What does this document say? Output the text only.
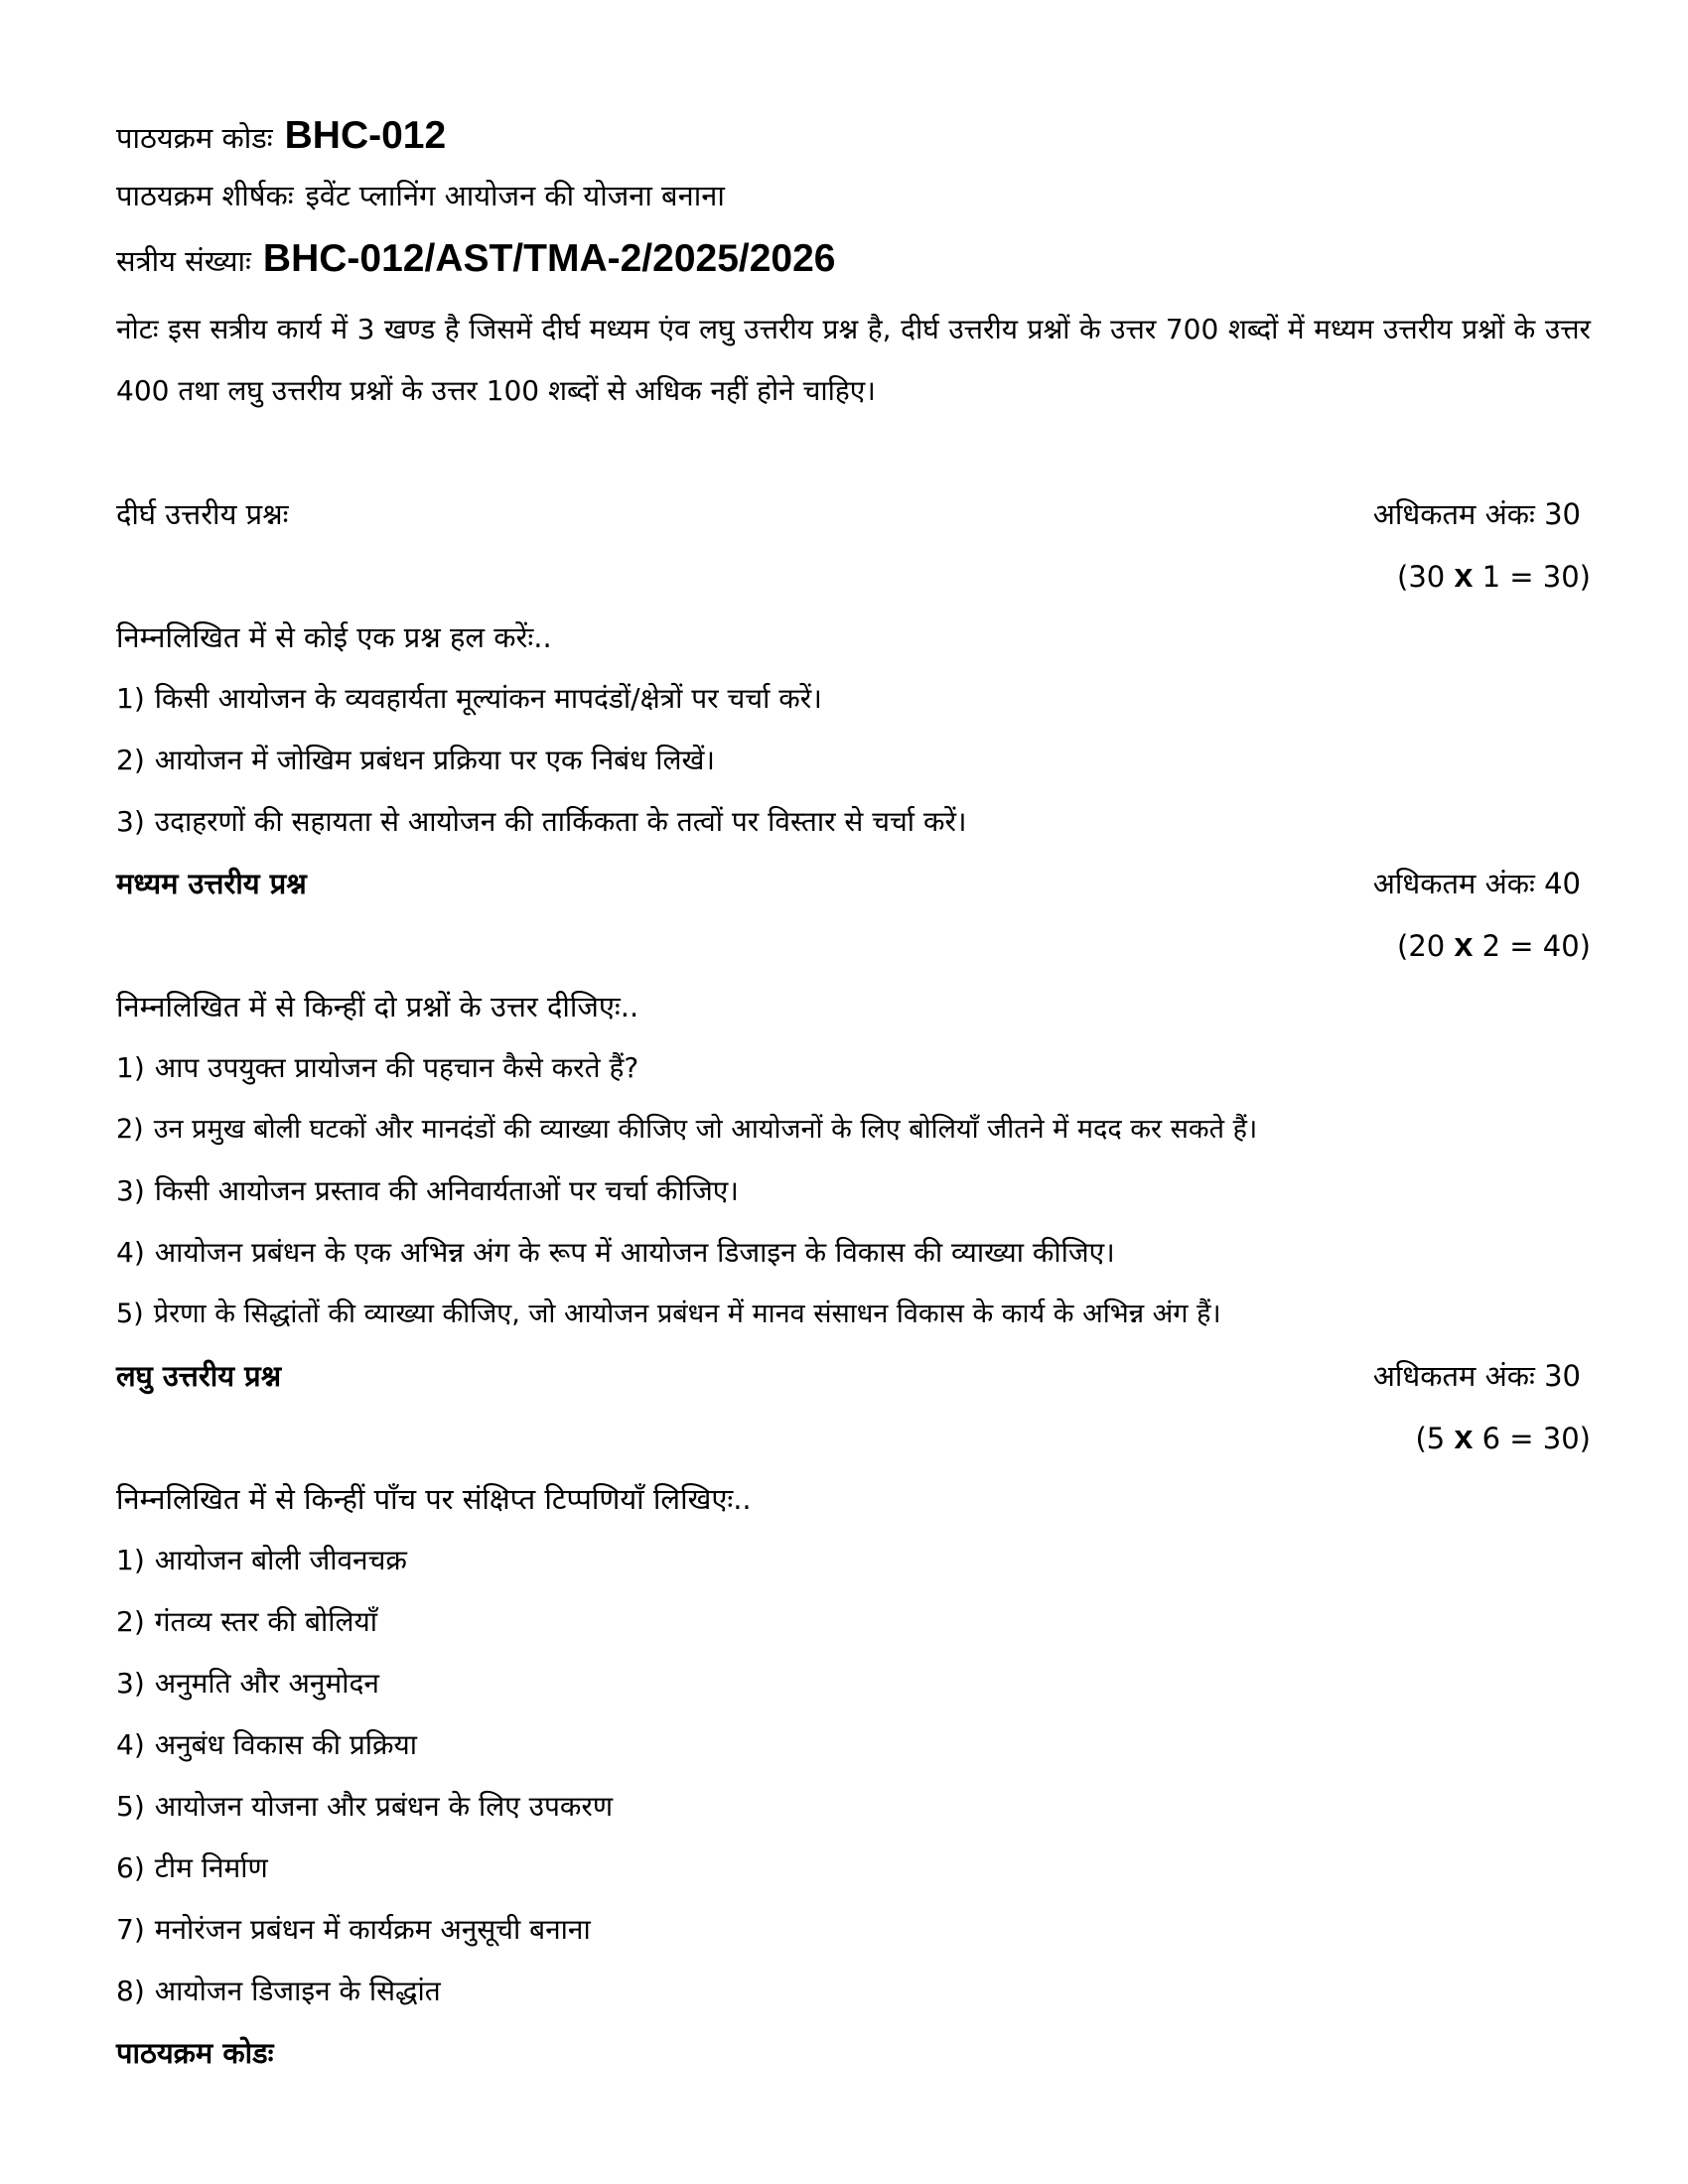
पाठयक्रम कोडः BHC-012
पाठयक्रम शीर्षकः इवेंट प्लानिंग आयोजन की योजना बनाना
सत्रीय संख्याः BHC-012/AST/TMA-2/2025/2026
नोटः इस सत्रीय कार्य में 3 खण्ड है जिसमें दीर्घ मध्यम एंव लघु उत्तरीय प्रश्न है, दीर्घ उत्तरीय प्रश्नों के उत्तर 700 शब्दों में मध्यम उत्तरीय प्रश्नों के उत्तर 400 तथा लघु उत्तरीय प्रश्नों के उत्तर 100 शब्दों से अधिक नहीं होने चाहिए।
दीर्घ उत्तरीय प्रश्नः	अधिकतम अंकः 30
(30 x 1 = 30)
निम्नलिखित में से कोई एक प्रश्न हल करेंः..
1) किसी आयोजन के व्यवहार्यता मूल्यांकन मापदंडों/क्षेत्रों पर चर्चा करें।
2) आयोजन में जोखिम प्रबंधन प्रक्रिया पर एक निबंध लिखें।
3) उदाहरणों की सहायता से आयोजन की तार्किकता के तत्वों पर विस्तार से चर्चा करें।
मध्यम उत्तरीय प्रश्न	अधिकतम अंकः 40
(20 x 2 = 40)
निम्नलिखित में से किन्हीं दो प्रश्नों के उत्तर दीजिएः..
1) आप उपयुक्त प्रायोजन की पहचान कैसे करते हैं?
2) उन प्रमुख बोली घटकों और मानदंडों की व्याख्या कीजिए जो आयोजनों के लिए बोलियाँ जीतने में मदद कर सकते हैं।
3) किसी आयोजन प्रस्ताव की अनिवार्यताओं पर चर्चा कीजिए।
4) आयोजन प्रबंधन के एक अभिन्न अंग के रूप में आयोजन डिजाइन के विकास की व्याख्या कीजिए।
5) प्रेरणा के सिद्धांतों की व्याख्या कीजिए, जो आयोजन प्रबंधन में मानव संसाधन विकास के कार्य के अभिन्न अंग हैं।
लघु उत्तरीय प्रश्न	अधिकतम अंकः 30
(5 x 6 = 30)
निम्नलिखित में से किन्हीं पाँच पर संक्षिप्त टिप्पणियाँ लिखिएः..
1) आयोजन बोली जीवनचक्र
2) गंतव्य स्तर की बोलियाँ
3) अनुमति और अनुमोदन
4) अनुबंध विकास की प्रक्रिया
5) आयोजन योजना और प्रबंधन के लिए उपकरण
6) टीम निर्माण
7) मनोरंजन प्रबंधन में कार्यक्रम अनुसूची बनाना
8) आयोजन डिजाइन के सिद्धांत
पाठयक्रम कोडः
